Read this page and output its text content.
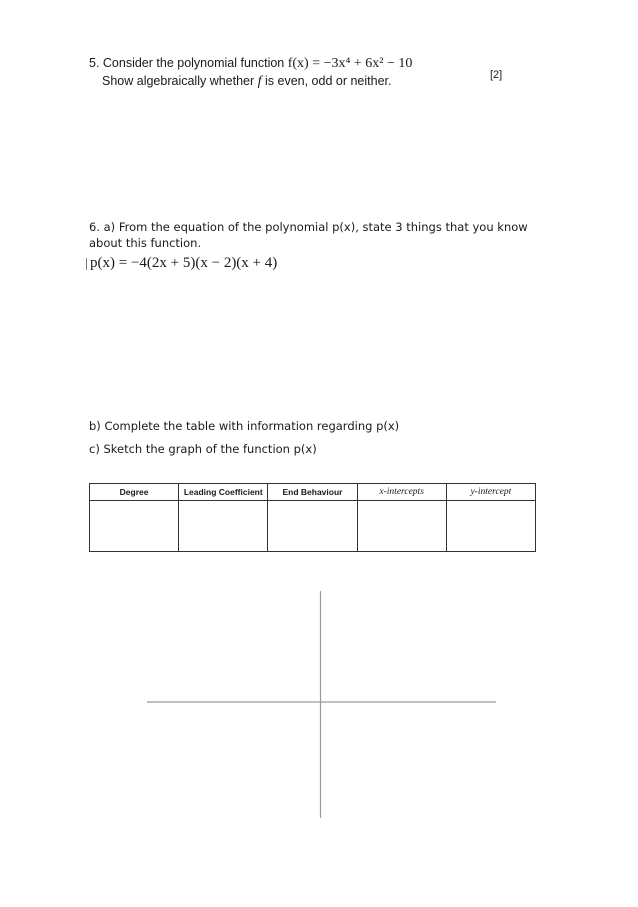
5. Consider the polynomial function f(x) = −3x⁴ + 6x² − 10
Show algebraically whether f is even, odd or neither.	[2]
6. a) From the equation of the polynomial p(x), state 3 things that you know
about this function.
p(x) = −4(2x + 5)(x − 2)(x + 4)
b) Complete the table with information regarding p(x)
c) Sketch the graph of the function p(x)
Degree	Leading Coefficient	End Behaviour	x-intercepts	y-intercept
